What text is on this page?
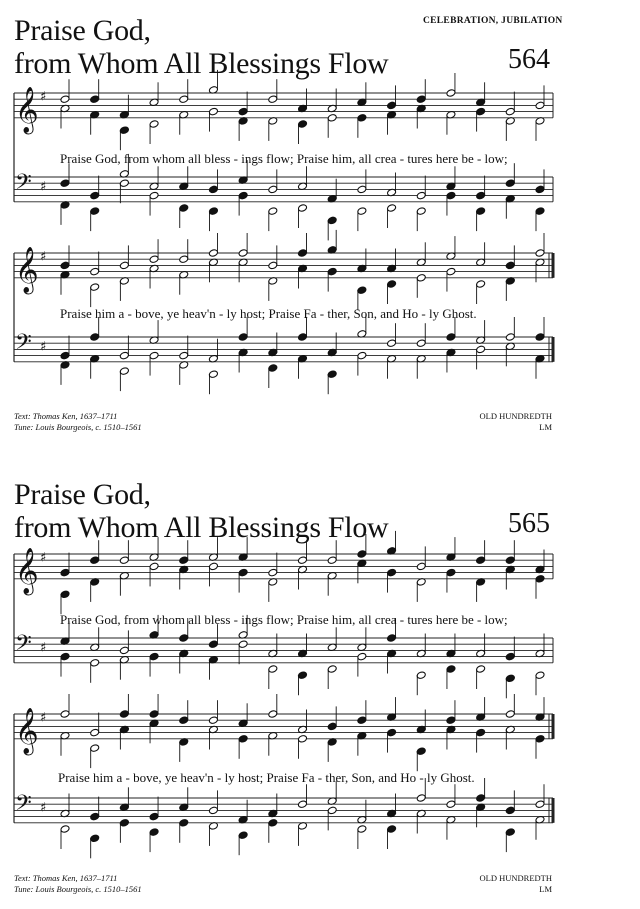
CELEBRATION, JUBILATION
Praise God,
from Whom All Blessings Flow	564
𝄞 ♯
𝄢 ♯
Praise God, from whom all bless - ings flow; Praise him, all crea - tures here be - low;
𝄞 ♯
𝄢 ♯
Praise him a - bove, ye heav'n - ly host; Praise Fa - ther, Son, and Ho - ly Ghost.
Text: Thomas Ken, 1637–1711
Tune: Louis Bourgeois, c. 1510–1561
OLD HUNDREDTH
LM
Praise God,
from Whom All Blessings Flow	565
𝄞 ♯
𝄢 ♯
Praise God, from whom all bless - ings flow; Praise him, all crea - tures here be - low;
𝄞 ♯
𝄢 ♯
Praise him a - bove, ye heav'n - ly host; Praise Fa - ther, Son, and Ho - ly Ghost.
Text: Thomas Ken, 1637–1711
Tune: Louis Bourgeois, c. 1510–1561
OLD HUNDREDTH
LM
